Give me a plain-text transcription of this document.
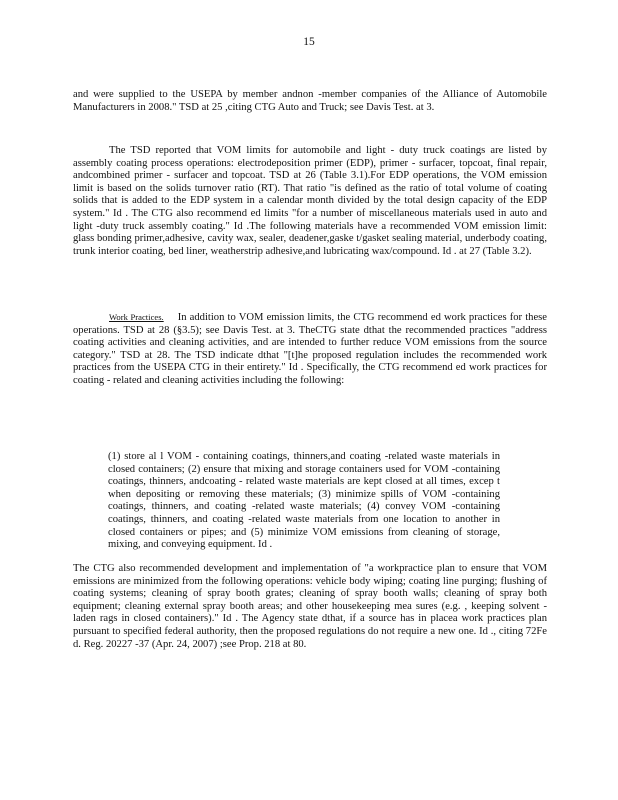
15

and were supplied to the USEPA by member andnon -member companies of the Alliance of Automobile Manufacturers in 2008." TSD at 25 ,citing CTG Auto and Truck; see Davis Test. at 3.

The TSD reported that VOM limits for automobile and light - duty truck coatings are listed by assembly coating process operations: electrodeposition primer (EDP), primer - surfacer, topcoat, final repair, andcombined primer - surfacer and topcoat. TSD at 26 (Table 3.1).For EDP operations, the VOM emission limit is based on the solids turnover ratio (RT). That ratio "is defined as the ratio of total volume of coating solids that is added to the EDP system in a calendar month divided by the total design capacity of the EDP system." Id . The CTG also recommend ed limits "for a number of miscellaneous materials used in auto and light -duty truck assembly coating." Id .The following materials have a recommended VOM emission limit: glass bonding primer,adhesive, cavity wax, sealer, deadener,gaske t/gasket sealing material, underbody coating, trunk interior coating, bed liner, weatherstrip adhesive,and lubricating wax/compound. Id . at 27 (Table 3.2).

Work Practices. In addition to VOM emission limits, the CTG recommend ed work practices for these operations. TSD at 28 (§3.5); see Davis Test. at 3. TheCTG state dthat the recommended practices "address coating activities and cleaning activities, and are intended to further reduce VOM emissions from the source category." TSD at 28. The TSD indicate dthat "[t]he proposed regulation includes the recommended work practices from the USEPA CTG in their entirety." Id . Specifically, the CTG recommend ed work practices for coating - related and cleaning activities including the following:

(1) store al l VOM - containing coatings, thinners,and coating -related waste materials in closed containers; (2) ensure that mixing and storage containers used for VOM -containing coatings, thinners, andcoating - related waste materials are kept closed at all times, excep t when depositing or removing these materials; (3) minimize spills of VOM -containing coatings, thinners, and coating -related waste materials; (4) convey VOM -containing coatings, thinners, and coating -related waste materials from one location to another in closed containers or pipes; and (5) minimize VOM emissions from cleaning of storage, mixing, and conveying equipment. Id .

The CTG also recommended development and implementation of "a workpractice plan to ensure that VOM emissions are minimized from the following operations: vehicle body wiping; coating line purging; flushing of coating systems; cleaning of spray booth grates; cleaning of spray booth walls; cleaning of spray both equipment; cleaning external spray booth areas; and other housekeeping mea sures (e.g. , keeping solvent -laden rags in closed containers)." Id . The Agency state dthat, if a source has in placea work practices plan pursuant to specified federal authority, then the proposed regulations do not require a new one. Id ., citing 72Fe d. Reg. 20227 -37 (Apr. 24, 2007) ;see Prop. 218 at 80.
